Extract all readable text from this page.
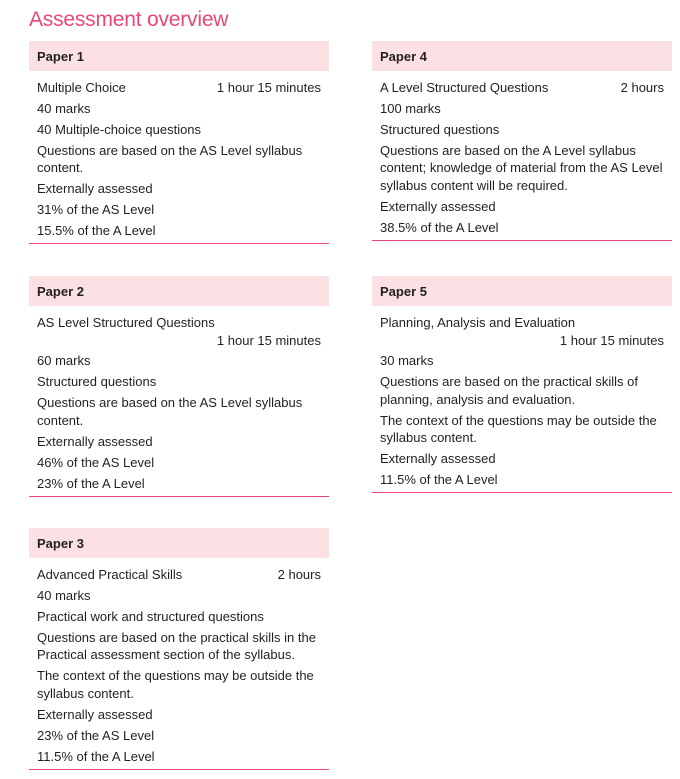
Assessment overview
Paper 1
Multiple Choice	1 hour 15 minutes
40 marks
40 Multiple-choice questions
Questions are based on the AS Level syllabus content.
Externally assessed
31% of the AS Level
15.5% of the A Level
Paper 2
AS Level Structured Questions
1 hour 15 minutes
60 marks
Structured questions
Questions are based on the AS Level syllabus content.
Externally assessed
46% of the AS Level
23% of the A Level
Paper 3
Advanced Practical Skills	2 hours
40 marks
Practical work and structured questions
Questions are based on the practical skills in the Practical assessment section of the syllabus.
The context of the questions may be outside the syllabus content.
Externally assessed
23% of the AS Level
11.5% of the A Level
Paper 4
A Level Structured Questions	2 hours
100 marks
Structured questions
Questions are based on the A Level syllabus content; knowledge of material from the AS Level syllabus content will be required.
Externally assessed
38.5% of the A Level
Paper 5
Planning, Analysis and Evaluation
1 hour 15 minutes
30 marks
Questions are based on the practical skills of planning, analysis and evaluation.
The context of the questions may be outside the syllabus content.
Externally assessed
11.5% of the A Level
